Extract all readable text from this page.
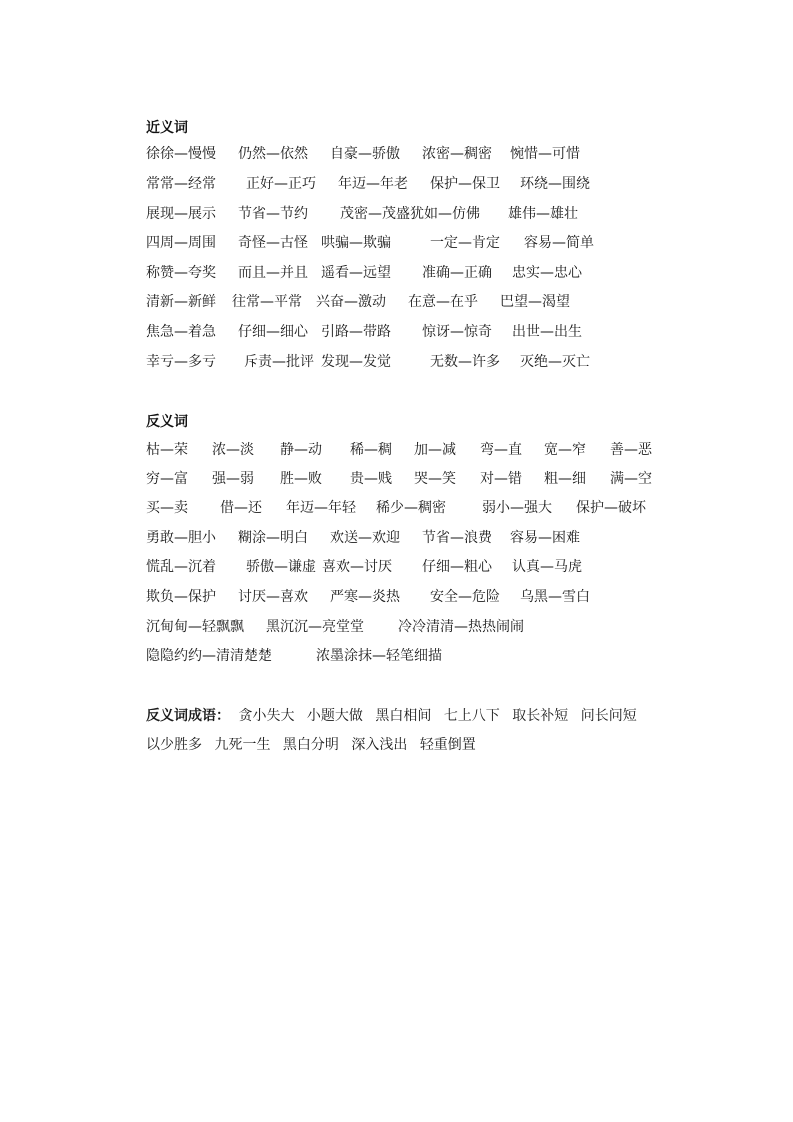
近义词
徐徐—慢慢 仍然—依然 自豪—骄傲 浓密—稠密 惋惜—可惜
常常—经常 正好—正巧 年迈—年老 保护—保卫 环绕—围绕
展现—展示 节省—节约 茂密—茂盛 犹如—仿佛 雄伟—雄壮
四周—周围 奇怪—古怪 哄骗—欺骗	一定—肯定 容易—简单
称赞—夸奖 而且—并且 遥看—远望 准确—正确 忠实—忠心
清新—新鲜 往常—平常 兴奋—激动 在意—在乎 巴望—渴望
焦急—着急 仔细—细心 引路—带路 惊讶—惊奇 出世—出生
幸亏—多亏 斥责—批评 发现—发觉	无数—许多 灭绝—灭亡
反义词
枯—荣 浓—淡 静—动 稀—稠 加—减 弯—直 宽—窄 善—恶
穷—富 强—弱 胜—败 贵—贱 哭—笑 对—错 粗—细 满—空
买—卖 借—还 年迈—年轻 稀少—稠密	弱小—强大 保护—破坏
勇敢—胆小 糊涂—明白 欢送—欢迎 节省—浪费 容易—困难
慌乱—沉着 骄傲—谦虚 喜欢—讨厌 仔细—粗心 认真—马虎
欺负—保护 讨厌—喜欢 严寒—炎热 安全—危险 乌黑—雪白
沉甸甸—轻飘飘 黑沉沉—亮堂堂 冷冷清清—热热闹闹
隐隐约约—清清楚楚	浓墨涂抹—轻笔细描
反义词成语： 贪小失大 小题大做 黑白相间 七上八下 取长补短 问长问短
以少胜多 九死一生 黑白分明 深入浅出 轻重倒置
